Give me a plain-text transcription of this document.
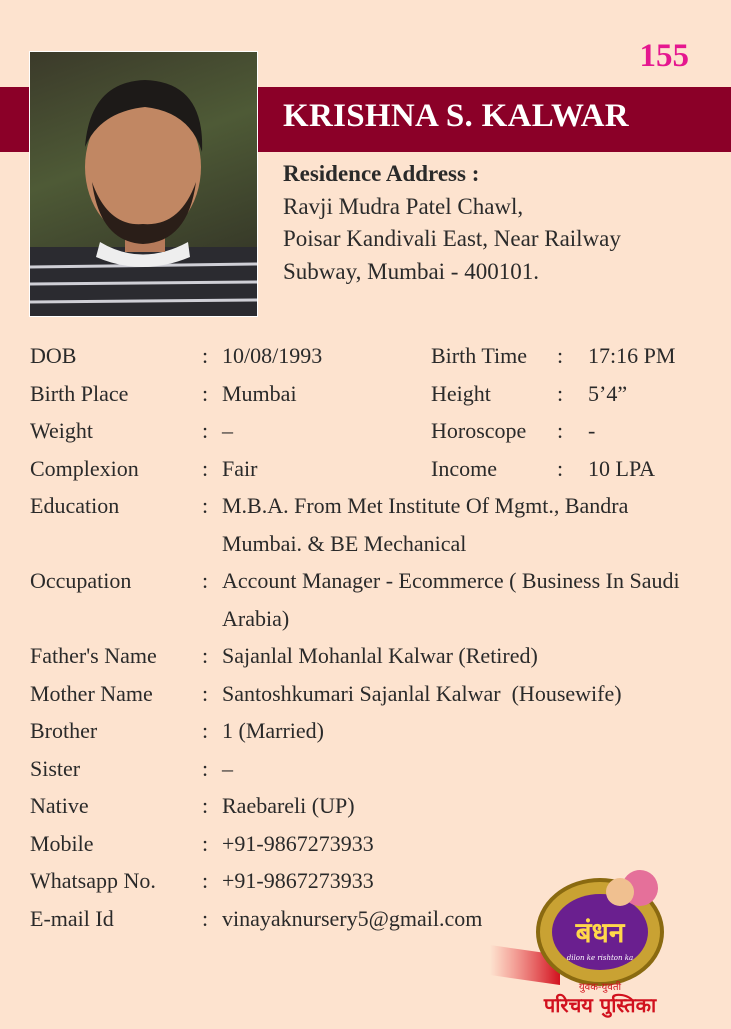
155
KRISHNA S. KALWAR
Residence Address :
Ravji Mudra Patel Chawl,
Poisar Kandivali East, Near Railway
Subway, Mumbai - 400101.
DOB	: 10/08/1993	Birth Time : 17:16 PM
Birth Place	: Mumbai	Height	: 5’4”
Weight	: –	Horoscope : -
Complexion	: Fair	Income	: 10 LPA
Education	: M.B.A. From Met Institute Of Mgmt., Bandra Mumbai. & BE Mechanical
Occupation	: Account Manager - Ecommerce ( Business In Saudi Arabia)
Father's Name : Sajanlal Mohanlal Kalwar (Retired)
Mother Name : Santoshkumari Sajanlal Kalwar  (Housewife)
Brother	: 1 (Married)
Sister	: –
Native	: Raebareli (UP)
Mobile	: +91-9867273933
Whatsapp No. : +91-9867273933
E-mail Id	: vinayaknursery5@gmail.com	बंधन
dilon ke rishton ka
युवक-युवती
परिचय पुस्तिका
